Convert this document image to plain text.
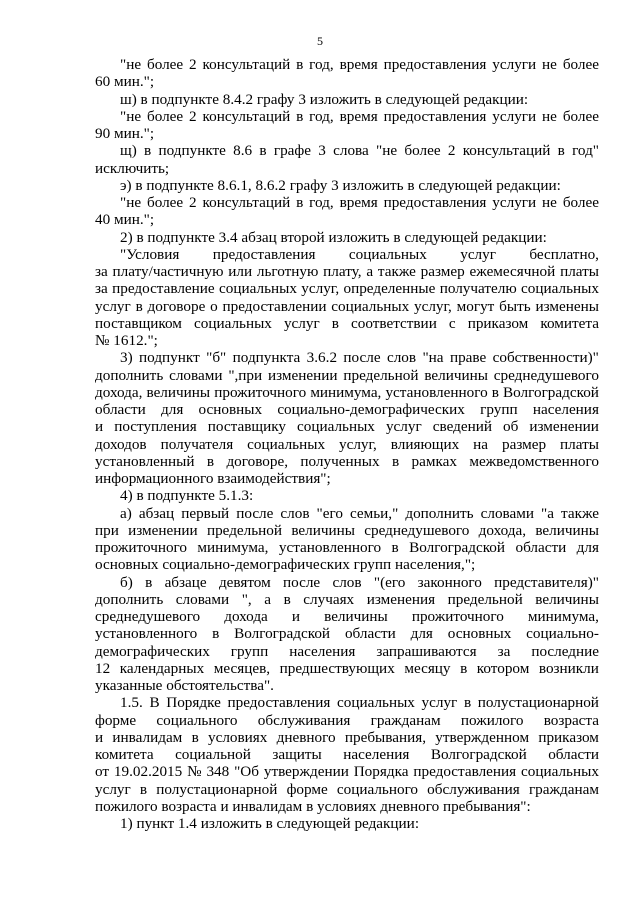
5
"не более 2 консультаций в год, время предоставления услуги не более
60 мин.";
ш) в подпункте 8.4.2 графу 3 изложить в следующей редакции:
"не более 2 консультаций в год, время предоставления услуги не более
90 мин.";
щ) в подпункте 8.6 в графе 3 слова "не более 2 консультаций в год"
исключить;
э) в подпункте 8.6.1, 8.6.2 графу 3 изложить в следующей редакции:
"не более 2 консультаций в год, время предоставления услуги не более
40 мин.";
2) в подпункте 3.4 абзац второй изложить в следующей редакции:
"Условия предоставления социальных услуг бесплатно,
за плату/частичную или льготную плату, а также размер ежемесячной платы
за предоставление социальных услуг, определенные получателю социальных
услуг в договоре о предоставлении социальных услуг, могут быть изменены
поставщиком социальных услуг в соответствии с приказом комитета
№ 1612.";
3) подпункт "б" подпункта 3.6.2 после слов "на праве собственности)"
дополнить словами ",при изменении предельной величины среднедушевого
дохода, величины прожиточного минимума, установленного в Волгоградской
области для основных социально-демографических групп населения
и поступления поставщику социальных услуг сведений об изменении
доходов получателя социальных услуг, влияющих на размер платы
установленный в договоре, полученных в рамках межведомственного
информационного взаимодействия";
4) в подпункте 5.1.3:
а) абзац первый после слов "его семьи," дополнить словами "а также
при изменении предельной величины среднедушевого дохода, величины
прожиточного минимума, установленного в Волгоградской области для
основных социально-демографических групп населения,";
б) в абзаце девятом после слов "(его законного представителя)"
дополнить словами ", а в случаях изменения предельной величины
среднедушевого дохода и величины прожиточного минимума,
установленного в Волгоградской области для основных социально-
демографических групп населения запрашиваются за последние
12 календарных месяцев, предшествующих месяцу в котором возникли
указанные обстоятельства".
1.5. В Порядке предоставления социальных услуг в полустационарной
форме социального обслуживания гражданам пожилого возраста
и инвалидам в условиях дневного пребывания, утвержденном приказом
комитета социальной защиты населения Волгоградской области
от 19.02.2015 № 348 "Об утверждении Порядка предоставления социальных
услуг в полустационарной форме социального обслуживания гражданам
пожилого возраста и инвалидам в условиях дневного пребывания":
1) пункт 1.4 изложить в следующей редакции:
